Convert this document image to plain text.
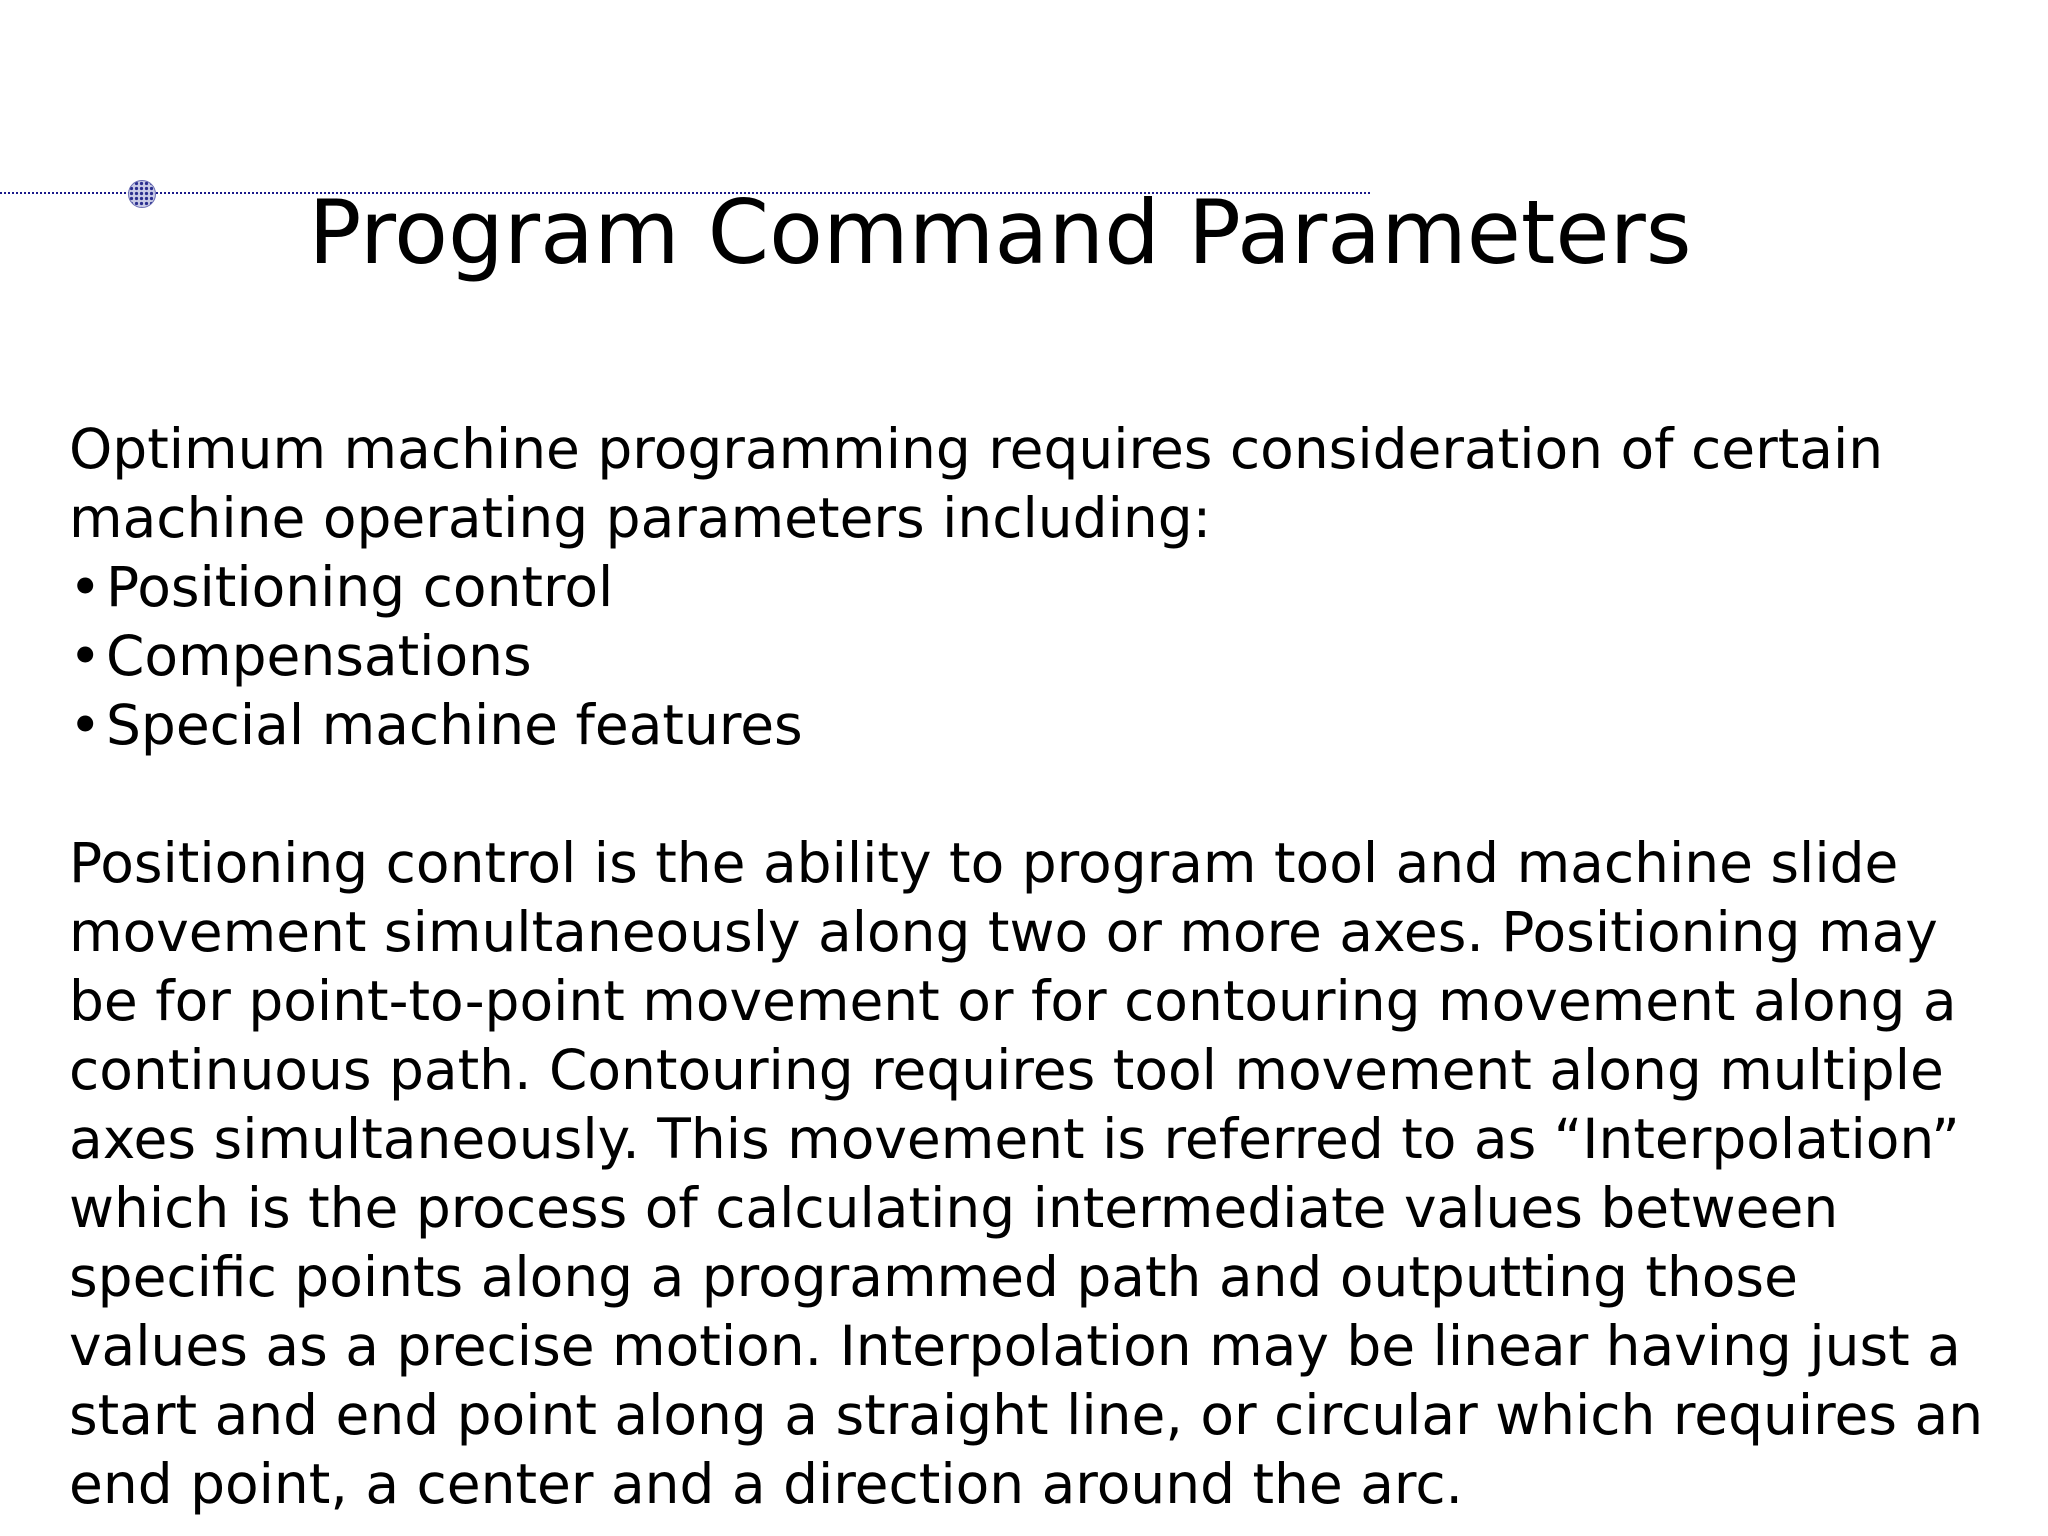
Program Command Parameters
Optimum machine programming requires consideration of certain
machine operating parameters including:
•Positioning control
•Compensations
•Special machine features
Positioning control is the ability to program tool and machine slide
movement simultaneously along two or more axes. Positioning may
be for point-to-point movement or for contouring movement along a
continuous path. Contouring requires tool movement along multiple
axes simultaneously. This movement is referred to as “Interpolation”
which is the process of calculating intermediate values between
specific points along a programmed path and outputting those
values as a precise motion. Interpolation may be linear having just a
start and end point along a straight line, or circular which requires an
end point, a center and a direction around the arc.
